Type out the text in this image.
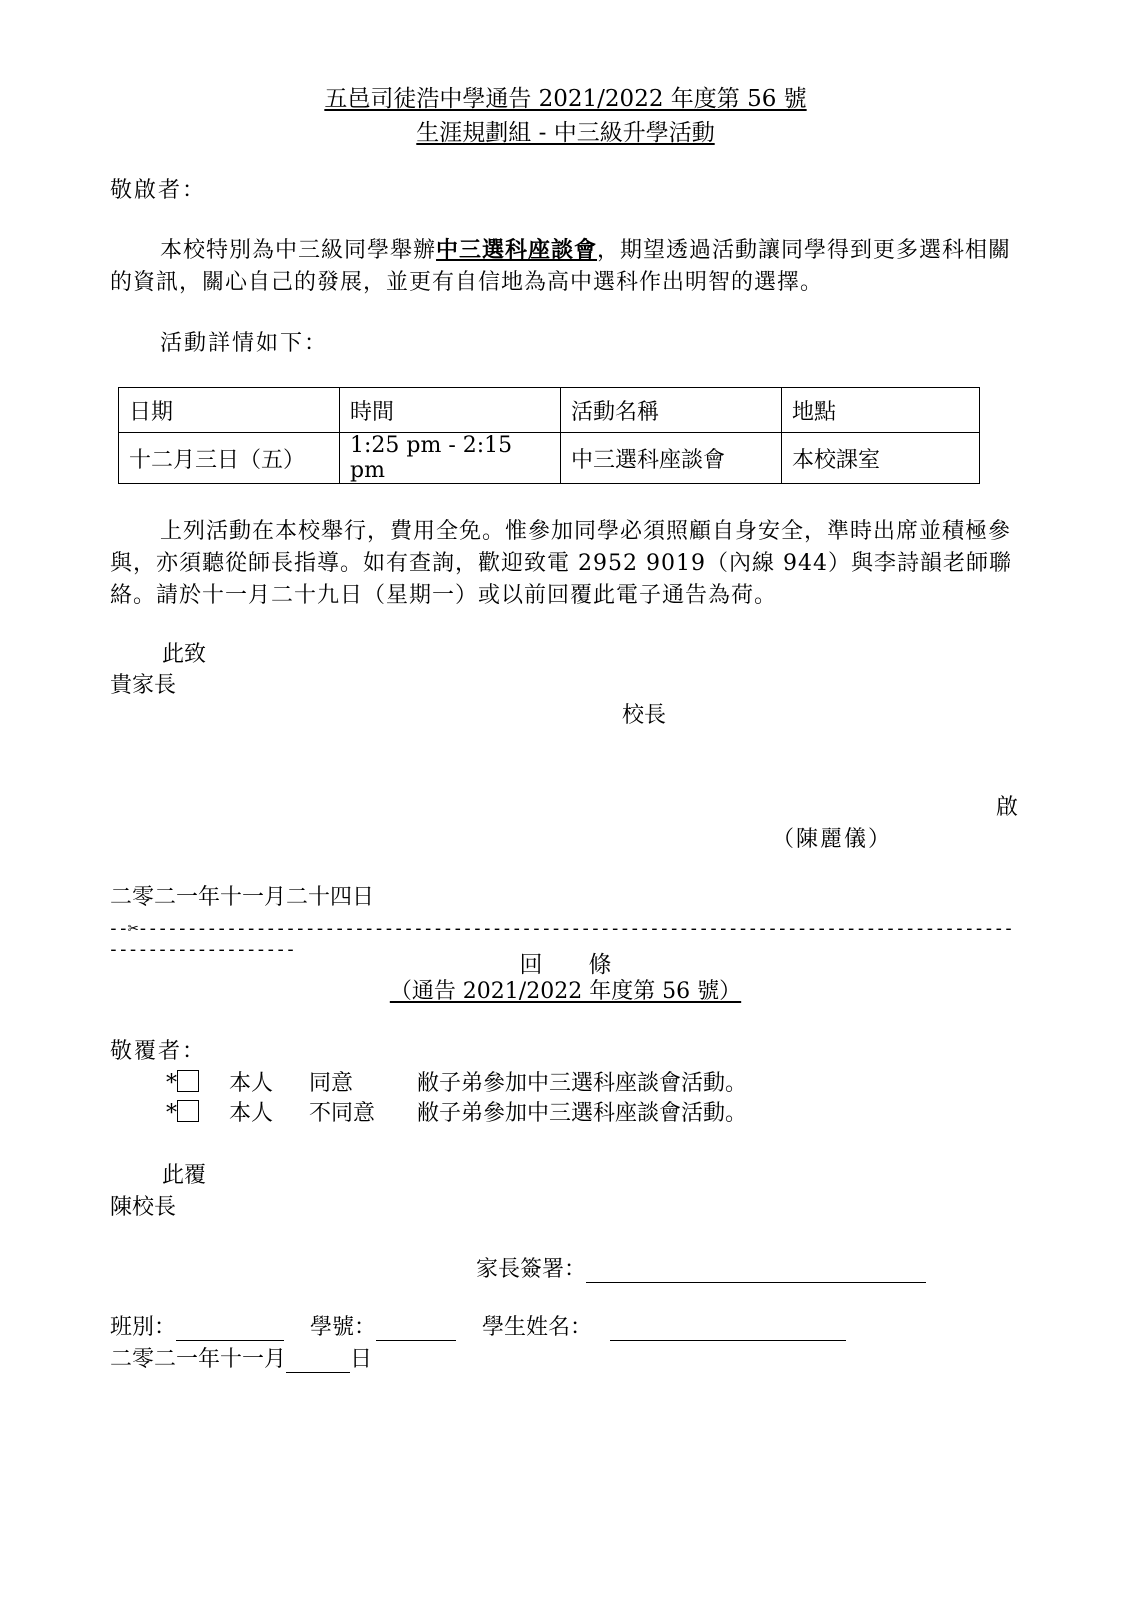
五邑司徒浩中學通告 2021/2022 年度第 56 號
生涯規劃組 - 中三級升學活動
敬啟者：
本校特別為中三級同學舉辦中三選科座談會，期望透過活動讓同學得到更多選科相關的資訊，關心自己的發展，並更有自信地為高中選科作出明智的選擇。
活動詳情如下：
日期	時間	活動名稱	地點
十二月三日（五）	1:25 pm - 2:15 pm	中三選科座談會	本校課室
上列活動在本校舉行，費用全免。惟參加同學必須照顧自身安全，準時出席並積極參與，亦須聽從師長指導。如有查詢，歡迎致電 2952 9019（內線 944）與李詩韻老師聯絡。請於十一月二十九日（星期一）或以前回覆此電子通告為荷。
此致
貴家長
校長
啟
（陳麗儀）
二零二一年十一月二十四日
--✂------------------------------------------------------------------------------------------------------------
回　　條
（通告 2021/2022 年度第 56 號）
敬覆者：
* 本人 同意	敝子弟參加中三選科座談會活動。
* 本人 不同意 敝子弟參加中三選科座談會活動。
此覆
陳校長
家長簽署：
班別：	學號：	學生姓名：
二零二一年十一月	日
